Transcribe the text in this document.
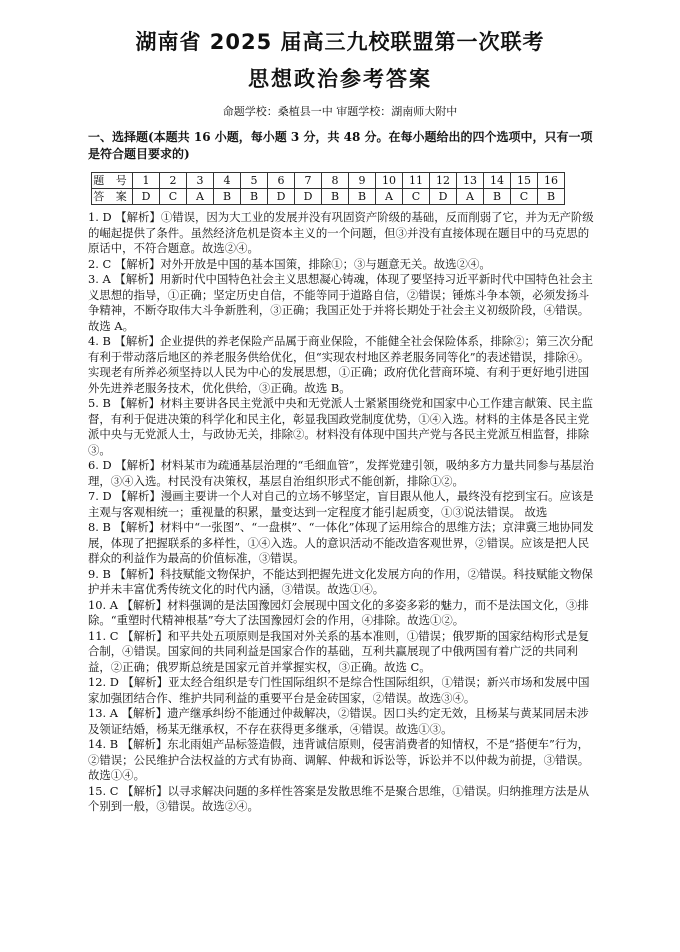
湖南省 2025 届高三九校联盟第一次联考
思想政治参考答案
命题学校：桑植县一中 审题学校：湖南师大附中
一、选择题(本题共 16 小题，每小题 3 分，共 48 分。在每小题给出的四个选项中，只有一项是符合题目要求的)
题 号	1	2	3	4	5	6	7	8	9	10	11	12	13	14	15	16
答 案	D	C	A	B	B	D	D	B	B	A	C	D	A	B	C	B

1. D 【解析】①错误，因为大工业的发展并没有巩固资产阶级的基础，反而削弱了它，并为无产阶级的崛起提供了条件。虽然经济危机是资本主义的一个问题，但③并没有直接体现在题目中的马克思的原话中，不符合题意。故选②④。

2. C 【解析】对外开放是中国的基本国策，排除①；③与题意无关。故选②④。

3. A 【解析】用新时代中国特色社会主义思想凝心铸魂，体现了要坚持习近平新时代中国特色社会主义思想的指导，①正确；坚定历史自信，不能等同于道路自信，②错误；锤炼斗争本领，必须发扬斗争精神，不断夺取伟大斗争新胜利，③正确；我国正处于并将长期处于社会主义初级阶段，④错误。故选 A。

4. B 【解析】企业提供的养老保险产品属于商业保险，不能健全社会保险体系，排除②；第三次分配有利于带动落后地区的养老服务供给优化，但“实现农村地区养老服务同等化”的表述错误，排除④。实现老有所养必须坚持以人民为中心的发展思想，①正确；政府优化营商环境、有利于更好地引进国外先进养老服务技术，优化供给，③正确。故选 B。

5. B 【解析】材料主要讲各民主党派中央和无党派人士紧紧围绕党和国家中心工作建言献策、民主监督，有利于促进决策的科学化和民主化，彰显我国政党制度优势，①④入选。材料的主体是各民主党派中央与无党派人士，与政协无关，排除②。材料没有体现中国共产党与各民主党派互相监督，排除③。

6. D 【解析】材料某市为疏通基层治理的“毛细血管”，发挥党建引领，吸纳多方力量共同参与基层治理，③④入选。村民没有决策权，基层自治组织形式不能创新，排除①②。

7. D 【解析】漫画主要讲一个人对自己的立场不够坚定，盲目跟从他人，最终没有挖到宝石。应该是主观与客观相统一；重视量的积累，量变达到一定程度才能引起质变，①③说法错误。 故选

8. B 【解析】材料中“一张图”、“一盘棋”、“一体化”体现了运用综合的思维方法；京津冀三地协同发展，体现了把握联系的多样性，①④入选。人的意识活动不能改造客观世界，②错误。应该是把人民群众的利益作为最高的价值标准，③错误。

9. B 【解析】科技赋能文物保护，不能达到把握先进文化发展方向的作用，②错误。科技赋能文物保护并未丰富优秀传统文化的时代内涵，③错误。故选①④。

10. A 【解析】材料强调的是法国豫园灯会展现中国文化的多姿多彩的魅力，而不是法国文化，③排除。“重塑时代精神根基”夸大了法国豫园灯会的作用，④排除。故选①②。

11. C 【解析】和平共处五项原则是我国对外关系的基本准则，①错误；俄罗斯的国家结构形式是复合制，④错误。国家间的共同利益是国家合作的基础，互利共赢展现了中俄两国有着广泛的共同利益，②正确；俄罗斯总统是国家元首并掌握实权，③正确。故选 C。

12. D 【解析】亚太经合组织是专门性国际组织不是综合性国际组织，①错误；新兴市场和发展中国家加强团结合作、维护共同利益的重要平台是金砖国家，②错误。故选③④。

13. A 【解析】遗产继承纠纷不能通过仲裁解决，②错误。因口头约定无效，且杨某与黄某同居未涉及领证结婚，杨某无继承权，不存在获得更多继承，④错误。故选①③。

14. B 【解析】东北雨姐产品标签造假，违背诚信原则，侵害消费者的知情权，不是“搭便车”行为，②错误；公民维护合法权益的方式有协商、调解、仲裁和诉讼等，诉讼并不以仲裁为前提，③错误。故选①④。

15. C 【解析】以寻求解决问题的多样性答案是发散思维不是聚合思维，①错误。归纳推理方法是从个别到一般，③错误。故选②④。
